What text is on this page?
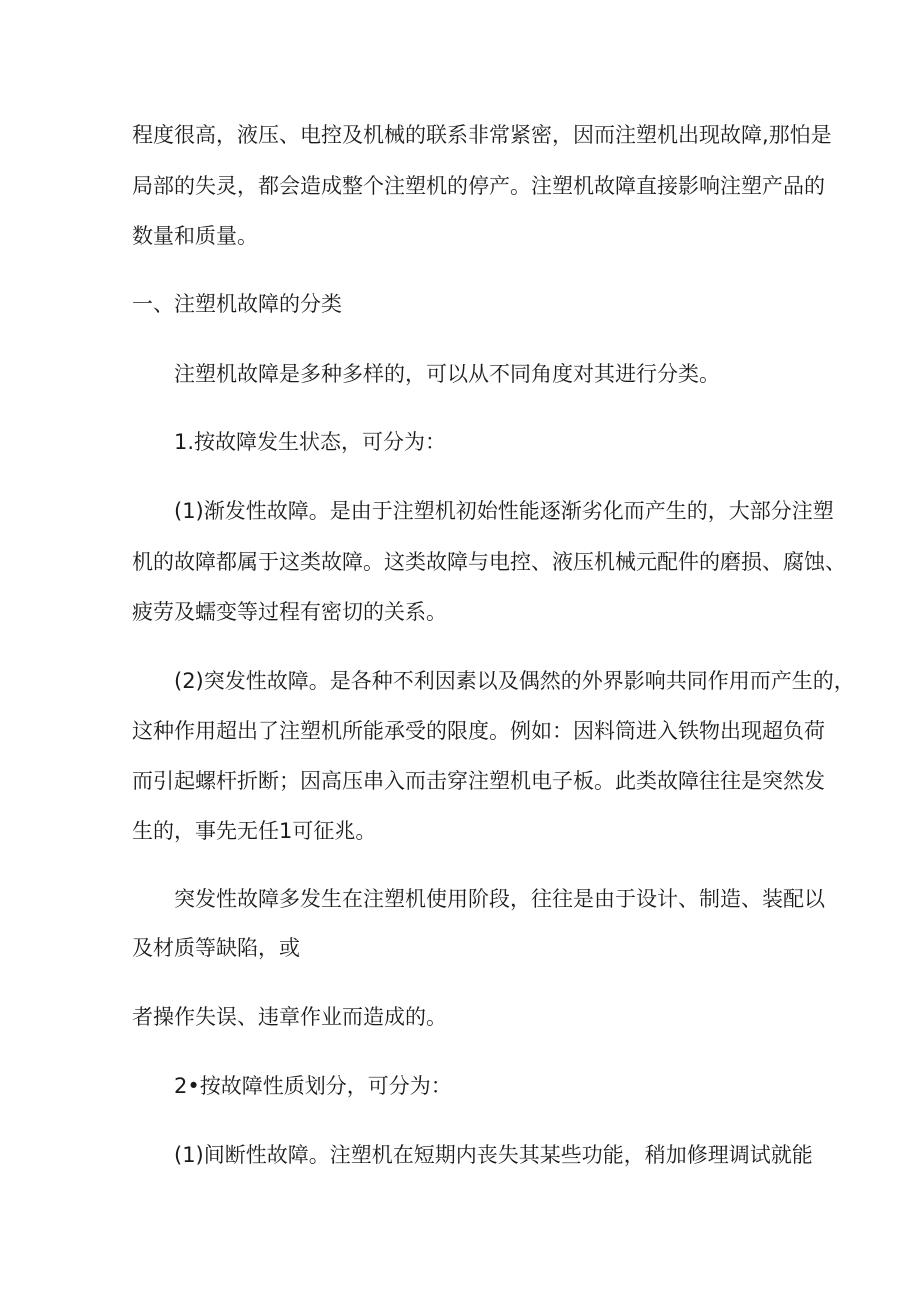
程度很高，液压、电控及机械的联系非常紧密，因而注塑机出现故障,那怕是

局部的失灵，都会造成整个注塑机的停产。注塑机故障直接影响注塑产品的

数量和质量。

一、注塑机故障的分类

注塑机故障是多种多样的，可以从不同角度对其进行分类。

1.按故障发生状态，可分为：

(1)渐发性故障。是由于注塑机初始性能逐渐劣化而产生的，大部分注塑

机的故障都属于这类故障。这类故障与电控、液压机械元配件的磨损、腐蚀、

疲劳及蠕变等过程有密切的关系。

(2)突发性故障。是各种不利因素以及偶然的外界影响共同作用而产生的，

这种作用超出了注塑机所能承受的限度。例如：因料筒进入铁物出现超负荷

而引起螺杆折断；因高压串入而击穿注塑机电子板。此类故障往往是突然发

生的，事先无任1可征兆。

突发性故障多发生在注塑机使用阶段，往往是由于设计、制造、装配以

及材质等缺陷，或

者操作失误、违章作业而造成的。

2•按故障性质划分，可分为：

(1)间断性故障。注塑机在短期内丧失其某些功能，稍加修理调试就能
